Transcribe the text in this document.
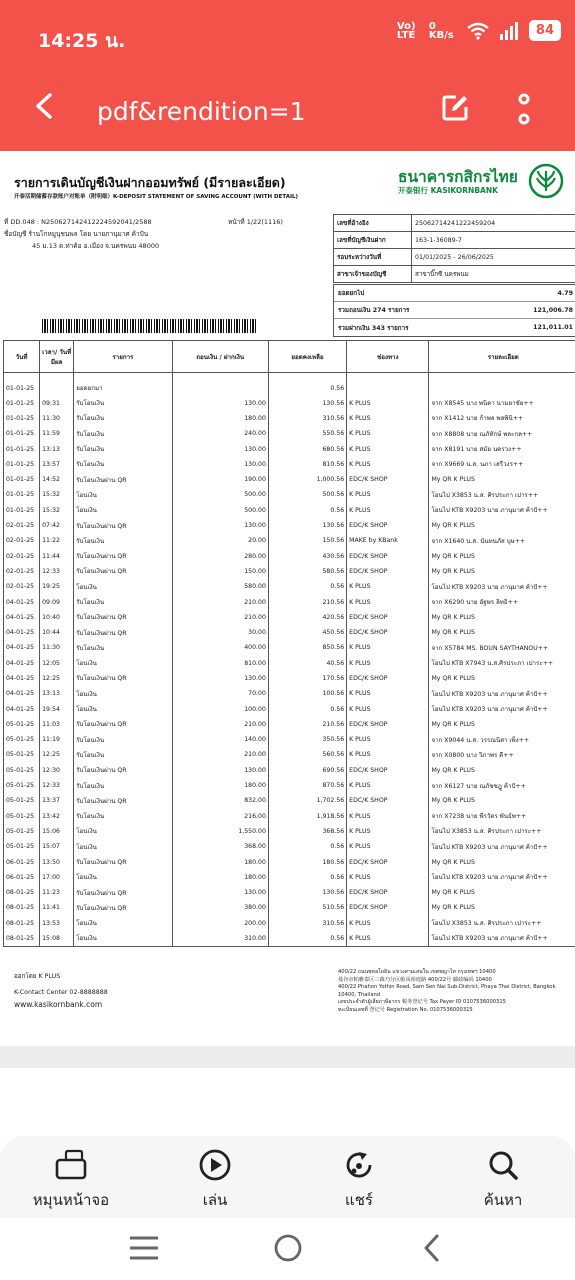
14:25 น.
Vo) LTE
0 KB/s	84
pdf&rendition=1
รายการเดินบัญชีเงินฝากออมทรัพย์ (มีรายละเอียด)
开泰活期储蓄存款账户对账单（附明细）K-DEPOSIT STATEMENT OF SAVING ACCOUNT (WITH DETAIL)
ธนาคารกสิกรไทย
开泰银行 KASIKORNBANK
ที่ DD.048 : N250627142412224592041/2588	หน้าที่ 1/22(1116)
ชื่อบัญชี ร้านโกหมูนุชนพล โดย นายภานุมาศ ค้าปัน
45 ม.13 ต.ท่าค้อ อ.เมือง จ.นครพนม 48000
เลขที่อ้างอิง	25062714241222459204
เลขที่บัญชีเงินฝาก	163-1-36089-7
รอบระหว่างวันที่	01/01/2025 - 26/06/2025
สาขาเจ้าของบัญชี	สาขาบิ๊กซี นครพนม
ยอดยกไป	4.79
รวมถอนเงิน 274 รายการ	121,006.78
รวมฝากเงิน 343 รายการ	121,011.01
วันที่	เวลา/ วันที่มีผล	รายการ	ถอนเงิน / ฝากเงิน	ยอดคงเหลือ	ช่องทาง	รายละเอียด
01-01-25		ยอดยกมา		0.56		
01-01-25	09:31	รับโอนเงิน	130.00	130.56	K PLUS	จาก X8545 นาง พนิดา นามยาชัย++
01-01-25	11:30	รับโอนเงิน	180.00	310.56	K PLUS	จาก X1412 นาย ก้าพล พลพินิ++
01-01-25	11:59	รับโอนเงิน	240.00	550.56	K PLUS	จาก X8808 นาย ณภัทักษ์ พละกล++
01-01-25	13:13	รับโอนเงิน	130.00	680.56	K PLUS	จาก X8191 นาย สมัย นครวง++
01-01-25	13:57	รับโอนเงิน	130.00	810.56	K PLUS	จาก X9669 น.ส. นภา เสรีวงร++
01-01-25	14:52	รับโอนเงินผ่าน QR	190.00	1,000.56	EDC/K SHOP	My QR K PLUS
01-01-25	15:32	โอนเงิน	500.00	500.56	K PLUS	โอนไป X3853 น.ส. ศิรประภา เปาร++
01-01-25	15:32	โอนเงิน	500.00	0.56	K PLUS	โอนไป KTB X9203 นาย ภานุมาศ ค้าปั++
02-01-25	07:42	รับโอนเงินผ่าน QR	130.00	130.56	EDC/K SHOP	My QR K PLUS
02-01-25	11:22	รับโอนเงิน	20.00	150.56	MAKE by KBank	จาก X1640 น.ส. นันทนภัส บุษ++
02-01-25	11:44	รับโอนเงินผ่าน QR	280.00	430.56	EDC/K SHOP	My QR K PLUS
02-01-25	12:33	รับโอนเงินผ่าน QR	150.00	580.56	EDC/K SHOP	My QR K PLUS
02-01-25	19:25	โอนเงิน	580.00	0.56	K PLUS	โอนไป KTB X9203 นาย ภานุมาศ ค้าปั++
04-01-25	09:09	รับโอนเงิน	210.00	210.56	K PLUS	จาก X6290 นาย อัฐพร ลิทธิ++
04-01-25	10:40	รับโอนเงินผ่าน QR	210.00	420.56	EDC/K SHOP	My QR K PLUS
04-01-25	10:44	รับโอนเงินผ่าน QR	30.00	450.56	EDC/K SHOP	My QR K PLUS
04-01-25	11:30	รับโอนเงิน	400.00	850.56	K PLUS	จาก X5784 MS. BOUN SAYTHANOU++
04-01-25	12:05	โอนเงิน	810.00	40.56	K PLUS	โอนไป KTB X7943 น.ส.ศิรประภา เปาระ++
04-01-25	12:25	รับโอนเงินผ่าน QR	130.00	170.56	EDC/K SHOP	My QR K PLUS
04-01-25	13:13	โอนเงิน	70.00	100.56	K PLUS	โอนไป KTB X9203 นาย ภานุมาศ ค้าปั++
04-01-25	19:54	โอนเงิน	100.00	0.56	K PLUS	โอนไป KTB X9203 นาย ภานุมาศ ค้าปั++
05-01-25	11:03	รับโอนเงินผ่าน QR	210.00	210.56	EDC/K SHOP	My QR K PLUS
05-01-25	11:19	รับโอนเงิน	140.00	350.56	K PLUS	จาก X9044 น.ส. วรรณนิสา เพ็ง++
05-01-25	12:25	รับโอนเงิน	210.00	560.56	K PLUS	จาก X0800 นาง วิภาพร ดี++
05-01-25	12:30	รับโอนเงินผ่าน QR	130.00	690.56	EDC/K SHOP	My QR K PLUS
05-01-25	12:33	รับโอนเงิน	180.00	870.56	K PLUS	จาก X6127 นาย ณภัชชฎู ค้าปั++
05-01-25	13:37	รับโอนเงินผ่าน QR	832.00	1,702.56	EDC/K SHOP	My QR K PLUS
05-01-25	13:42	รับโอนเงิน	216.00	1,918.56	K PLUS	จาก X7238 นาย พีรวัตร พันธ์พ++
05-01-25	15:06	โอนเงิน	1,550.00	368.56	K PLUS	โอนไป X3853 น.ส. ศิรประภา เปาระ++
05-01-25	15:07	โอนเงิน	368.00	0.56	K PLUS	โอนไป KTB X9203 นาย ภานุมาศ ค้าปั++
06-01-25	13:50	รับโอนเงินผ่าน QR	180.00	180.56	EDC/K SHOP	My QR K PLUS
06-01-25	17:00	โอนเงิน	180.00	0.56	K PLUS	โอนไป KTB X9203 นาย ภานุมาศ ค้าปั++
08-01-25	11:23	รับโอนเงินผ่าน QR	130.00	130.56	EDC/K SHOP	My QR K PLUS
08-01-25	11:41	รับโอนเงินผ่าน QR	380.00	510.56	EDC/K SHOP	My QR K PLUS
08-01-25	13:53	โอนเงิน	200.00	310.56	K PLUS	โอนไป X3853 น.ส. ศิรประภา เปาระ++
08-01-25	15:08	โอนเงิน	310.00	0.56	K PLUS	โอนไป KTB X9203 นาย ภานุมาศ ค้าปั++
ออกโดย K PLUS
K-Contact Center 02-8888888
www.kasikornbank.com
400/22 ถนนพหลโยธิน แขวงสามเสนใน เขตพญาไท กรุงเทพฯ 10400
曼谷市帕雅泰区三森乃分区帕凤裕庭路 400/22号 邮政编码 10400
400/22 Phahon Yothin Road, Sam Sen Nai Sub-District, Phaya Thai District, Bangkok 10400, Thailand
เลขประจำตัวผู้เสียภาษีอากร 税务登记号 Tax Payer ID 0107536000315
ทะเบียนเลขที่ 登记号 Registration No. 0107536000315
หมุนหน้าจอ	เล่น	แชร์	ค้นหา
